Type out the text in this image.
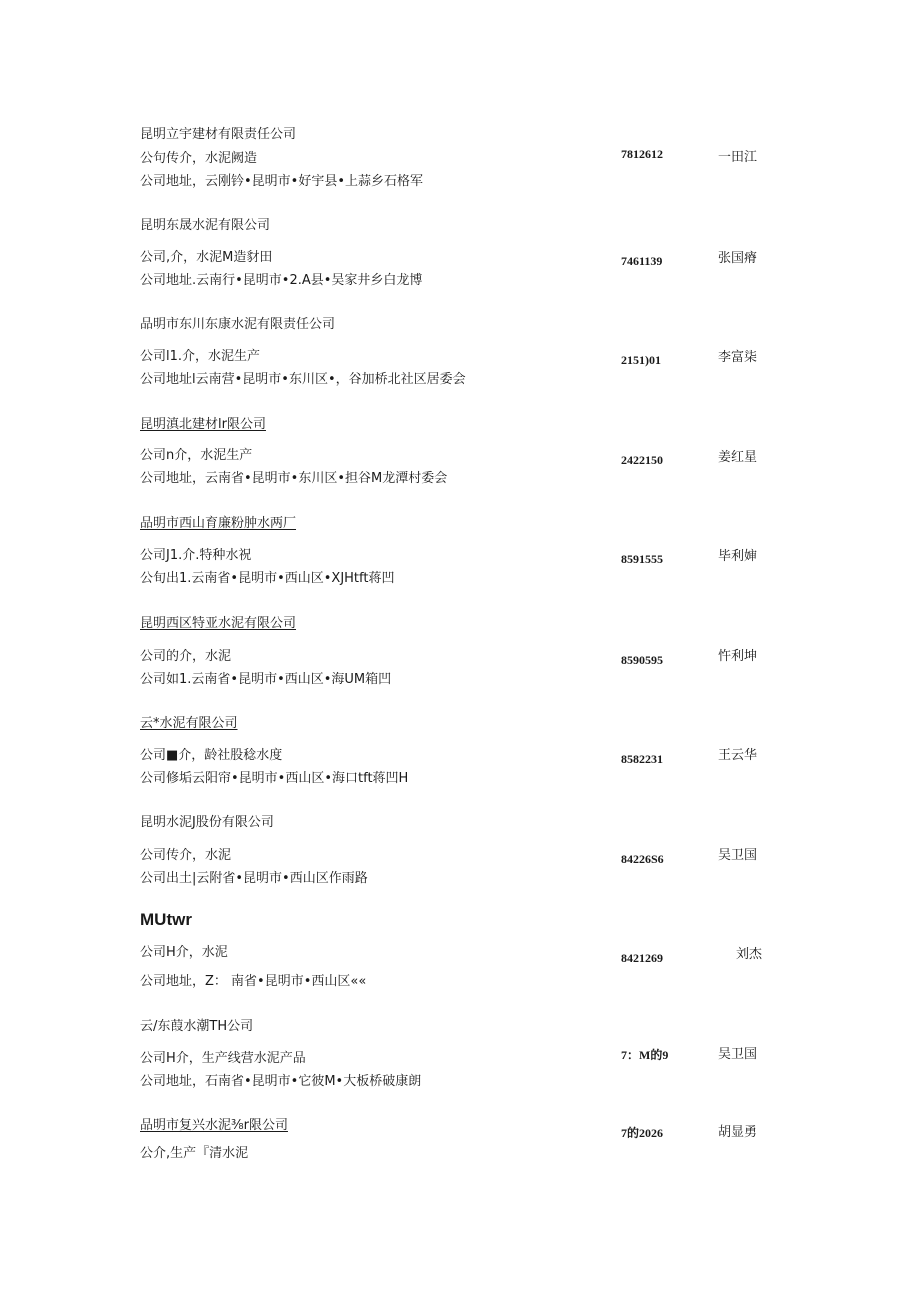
昆明立宇建材有限责任公司
公句传介，水泥阙造
公司地址，云刚钤•昆明市•好宇县•上蒜乡石格军
7812612	一田江
昆明东晟水泥有限公司
公司,介，水泥M造豺田
公司地址.云南行•昆明市•2.A县•吴家井乡白龙博
7461139	张国瘠
品明市东川东康水泥有限责任公司
公司l1.介，水泥生产
公司地址l云南营•昆明市•东川区•，谷加桥北社区居委会
2151)01	李富柒
昆明滇北建材lr限公司
公司n介，水泥生产
公司地址，云南省•昆明市•东川区•担谷M龙潭村委会
2422150	姜红星
品明市西山育廉粉肿水两厂
公司J1.介.特种水祝
公旬出1.云南省•昆明市•西山区•XJHtft蒋凹
8591555	毕利婶
昆明西区特亚水泥有限公司
公司的介，水泥
公司如1.云南省•昆明市•西山区•海UM箱凹
8590595	忤利坤
云*水泥有限公司
公司■介，龄社股稔水度
公司修垢云阳帘•昆明市•西山区•海口tft蒋凹H
8582231	王云华
昆明水泥J股份有限公司
公司传介，水泥
公司出土|云附省•昆明市•西山区作雨路
84226S6	吴卫国
MUtwr
公司H介，水泥
公司地址，Z： 南省•昆明市•西山区««
8421269	刘杰
云/东葭水潮TH公司
公司H介，生产线营水泥产品
公司地址，石南省•昆明市•它彼M•大板桥破康朗
7：M的9	吴卫国
品明市复兴水泥⅜r限公司
公介,生产『清水泥
7的2026	胡显勇
